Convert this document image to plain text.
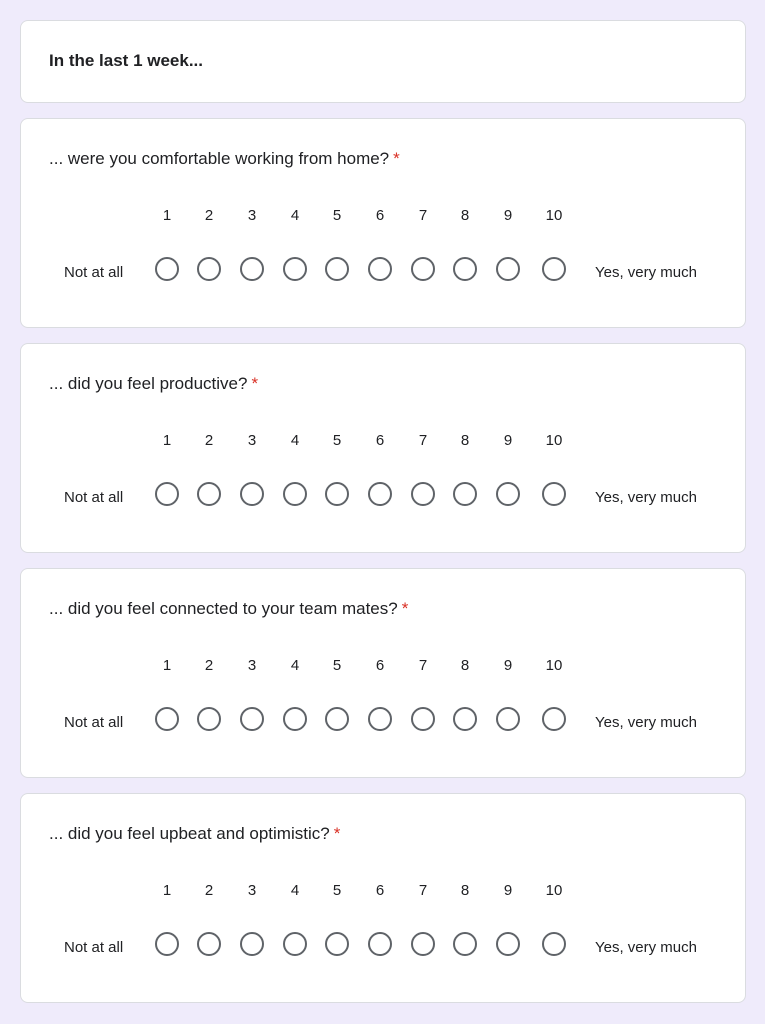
In the last 1 week...
... were you comfortable working from home? *
1	2	3	4	5	6	7	8	9	10
Not at all	Yes, very much
... did you feel productive? *
1	2	3	4	5	6	7	8	9	10
Not at all	Yes, very much
... did you feel connected to your team mates? *
1	2	3	4	5	6	7	8	9	10
Not at all	Yes, very much
... did you feel upbeat and optimistic? *
1	2	3	4	5	6	7	8	9	10
Not at all	Yes, very much
